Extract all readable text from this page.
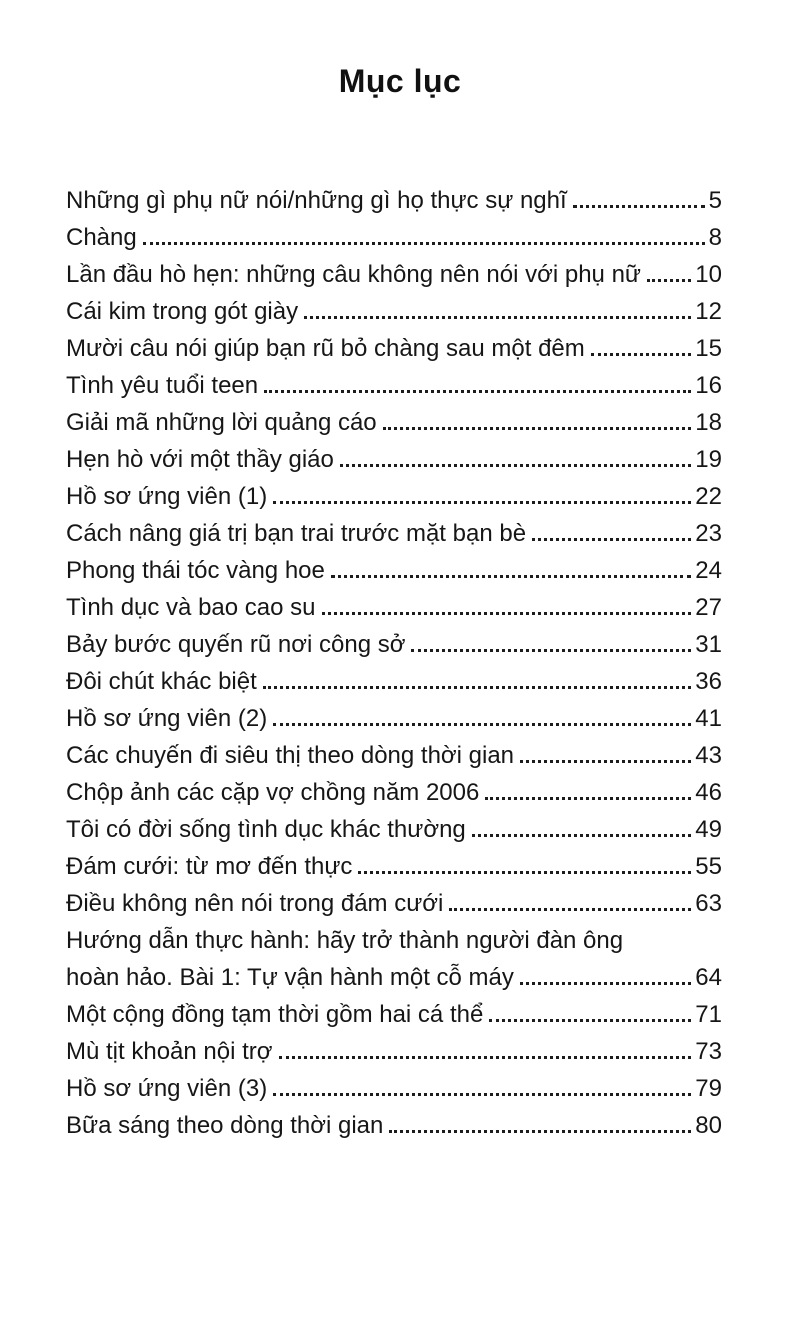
Mục lục
Những gì phụ nữ nói/những gì họ thực sự nghĩ	5
Chàng	8
Lần đầu hò hẹn: những câu không nên nói với phụ nữ 10
Cái kim trong gót giày	12
Mười câu nói giúp bạn rũ bỏ chàng sau một đêm	15
Tình yêu tuổi teen	16
Giải mã những lời quảng cáo	18
Hẹn hò với một thầy giáo	19
Hồ sơ ứng viên (1)	22
Cách nâng giá trị bạn trai trước mặt bạn bè	23
Phong thái tóc vàng hoe	24
Tình dục và bao cao su	27
Bảy bước quyến rũ nơi công sở	31
Đôi chút khác biệt	36
Hồ sơ ứng viên (2)	41
Các chuyến đi siêu thị theo dòng thời gian	43
Chộp ảnh các cặp vợ chồng năm 2006	46
Tôi có đời sống tình dục khác thường	49
Đám cưới: từ mơ đến thực	55
Điều không nên nói trong đám cưới	63
Hướng dẫn thực hành: hãy trở thành người đàn ông
hoàn hảo. Bài 1: Tự vận hành một cỗ máy	64
Một cộng đồng tạm thời gồm hai cá thể	71
Mù tịt khoản nội trợ	73
Hồ sơ ứng viên (3)	79
Bữa sáng theo dòng thời gian	80
